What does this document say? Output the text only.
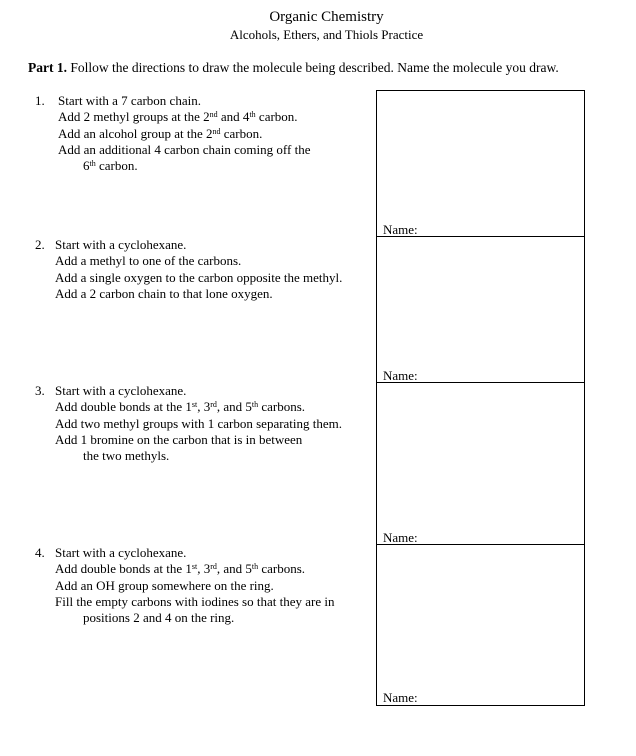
Organic Chemistry
Alcohols, Ethers, and Thiols Practice
Part 1. Follow the directions to draw the molecule being described. Name the molecule you draw.
1. Start with a 7 carbon chain.
Add 2 methyl groups at the 2nd and 4th carbon.
Add an alcohol group at the 2nd carbon.
Add an additional 4 carbon chain coming off the
6th carbon.
2. Start with a cyclohexane.
Add a methyl to one of the carbons.
Add a single oxygen to the carbon opposite the methyl.
Add a 2 carbon chain to that lone oxygen.
3. Start with a cyclohexane.
Add double bonds at the 1st, 3rd, and 5th carbons.
Add two methyl groups with 1 carbon separating them.
Add 1 bromine on the carbon that is in between
the two methyls.
4. Start with a cyclohexane.
Add double bonds at the 1st, 3rd, and 5th carbons.
Add an OH group somewhere on the ring.
Fill the empty carbons with iodines so that they are in
positions 2 and 4 on the ring.
Name:
Name:
Name:
Name:
